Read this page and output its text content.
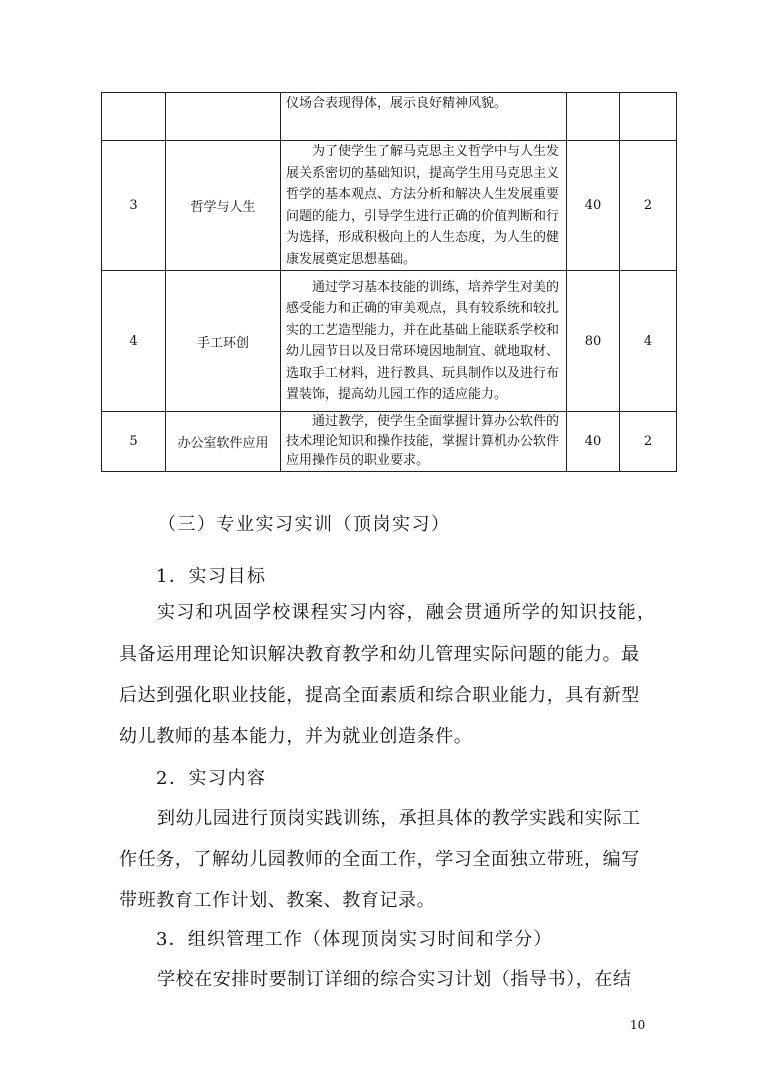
		仪场合表现得体，展示良好精神风貌。		
3	哲学与人生	为了使学生了解马克思主义哲学中与人生发展关系密切的基础知识，提高学生用马克思主义哲学的基本观点、方法分析和解决人生发展重要问题的能力，引导学生进行正确的价值判断和行为选择，形成积极向上的人生态度，为人生的健康发展奠定思想基础。	40	2
4	手工环创	通过学习基本技能的训练，培养学生对美的感受能力和正确的审美观点，具有较系统和较扎实的工艺造型能力，并在此基础上能联系学校和幼儿园节日以及日常环境因地制宜、就地取材、选取手工材料，进行教具、玩具制作以及进行布置装饰，提高幼儿园工作的适应能力。	80	4
5	办公室软件应用	通过教学，使学生全面掌握计算办公软件的技术理论知识和操作技能，掌握计算机办公软件应用操作员的职业要求。	40	2
（三）专业实习实训（顶岗实习）
1．实习目标
实习和巩固学校课程实习内容，融会贯通所学的知识技能，
具备运用理论知识解决教育教学和幼儿管理实际问题的能力。最
后达到强化职业技能，提高全面素质和综合职业能力，具有新型
幼儿教师的基本能力，并为就业创造条件。
2．实习内容
到幼儿园进行顶岗实践训练，承担具体的教学实践和实际工
作任务，了解幼儿园教师的全面工作，学习全面独立带班，编写
带班教育工作计划、教案、教育记录。
3．组织管理工作（体现顶岗实习时间和学分）
学校在安排时要制订详细的综合实习计划（指导书），在结
10
